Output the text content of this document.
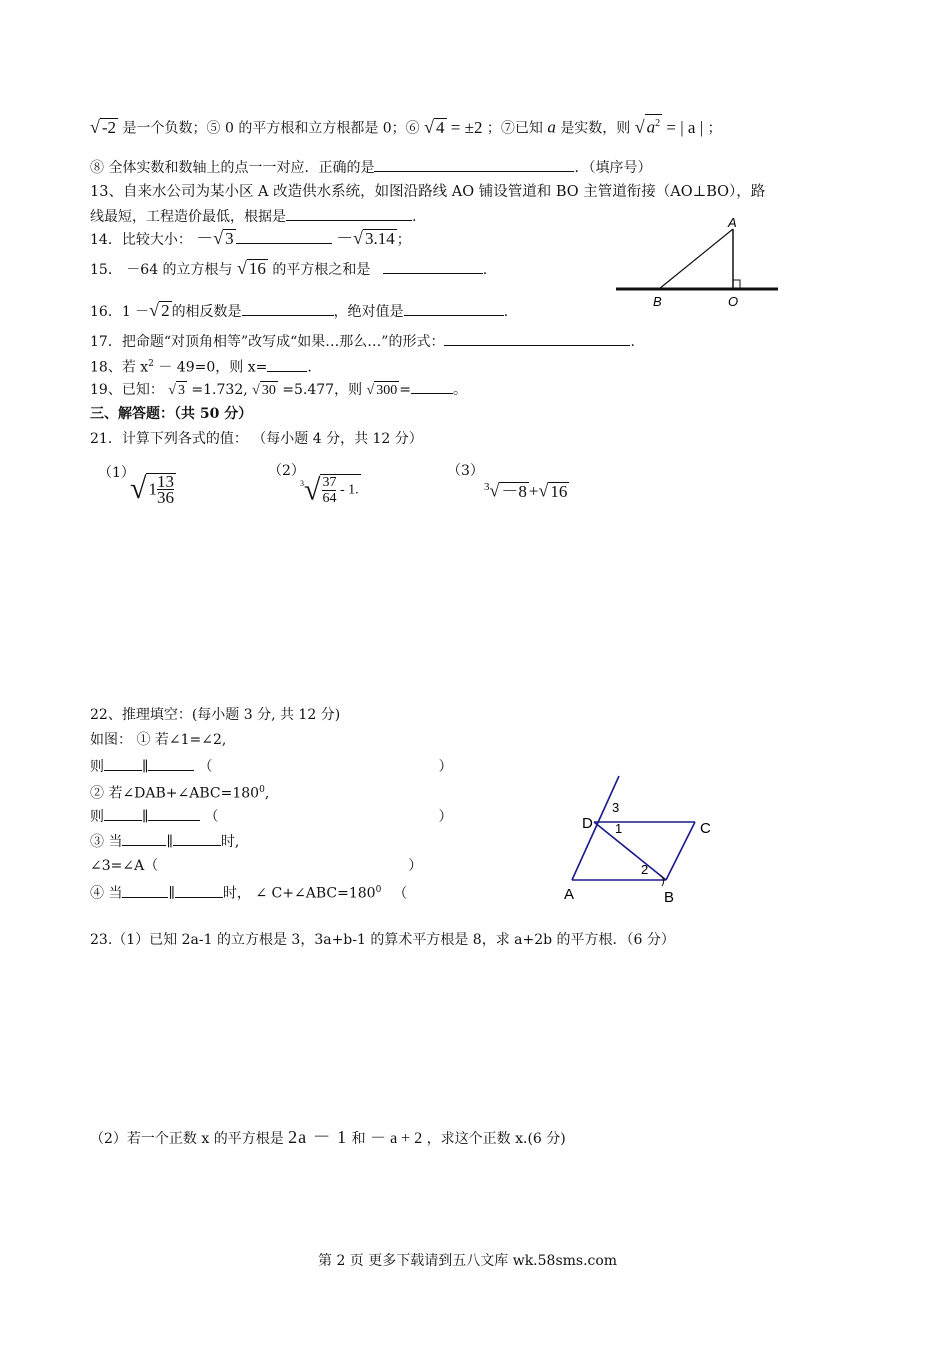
√ -2 是一个负数；⑤ 0 的平方根和立方根都是 0；⑥ √ 4 = ±2 ；⑦已知 a 是实数，则 √ $a^2$ = | a | ；
⑧ 全体实数和数轴上的点一一对应．正确的是	．（填序号）
13、自来水公司为某小区 A 改造供水系统，如图沿路线 AO 铺设管道和 BO 主管道衔接（AO⊥BO），路
线最短，工程造价最低，根据是	.
14．比较大小： －√ 3	－√ 3.14 ；
15． －64 的立方根与 √ 16 的平方根之和是	.
16．1 －√ 2 的相反数是	，绝对值是	.
17．把命题“对顶角相等”改写成“如果…那么…”的形式：	.
18、若 $x^2 - 49=0$，则 x=	.
19、已知： √ 3 =1.732, √ 30 =5.477，则 √ 300 =	。
三、解答题：（共 50 分）
21．计算下列各式的值： （每小题 4 分，共 12 分）
（1）
√ $1 \frac{13}{36}$
（2）
$^3√ \frac{37}{64} - 1$.
（3）
$^3$√ －8 +√ 16
22、推理填空：(每小题 3 分, 共 12 分)
如图： ① 若∠1=∠2,
则	∥	（	）
② 若$\angle DAB+\angle ABC=180^0$,
则	∥	（	）
③ 当	∥	时,
∠3=∠A（	）
④ 当	∥	时， ∠ $C+\angle ABC=180^0$ （
23.（1）已知 2a-1 的立方根是 3，3a+b-1 的算术平方根是 8，求 a+2b 的平方根．（6 分）
（2）若一个正数 x 的平方根是 2a － 1 和 － a + 2 ，求这个正数 x.(6 分)
第 2 页 更多下载请到五八文库 wk.58sms.com
A
B	O
D	C
A	B
3
1
2
